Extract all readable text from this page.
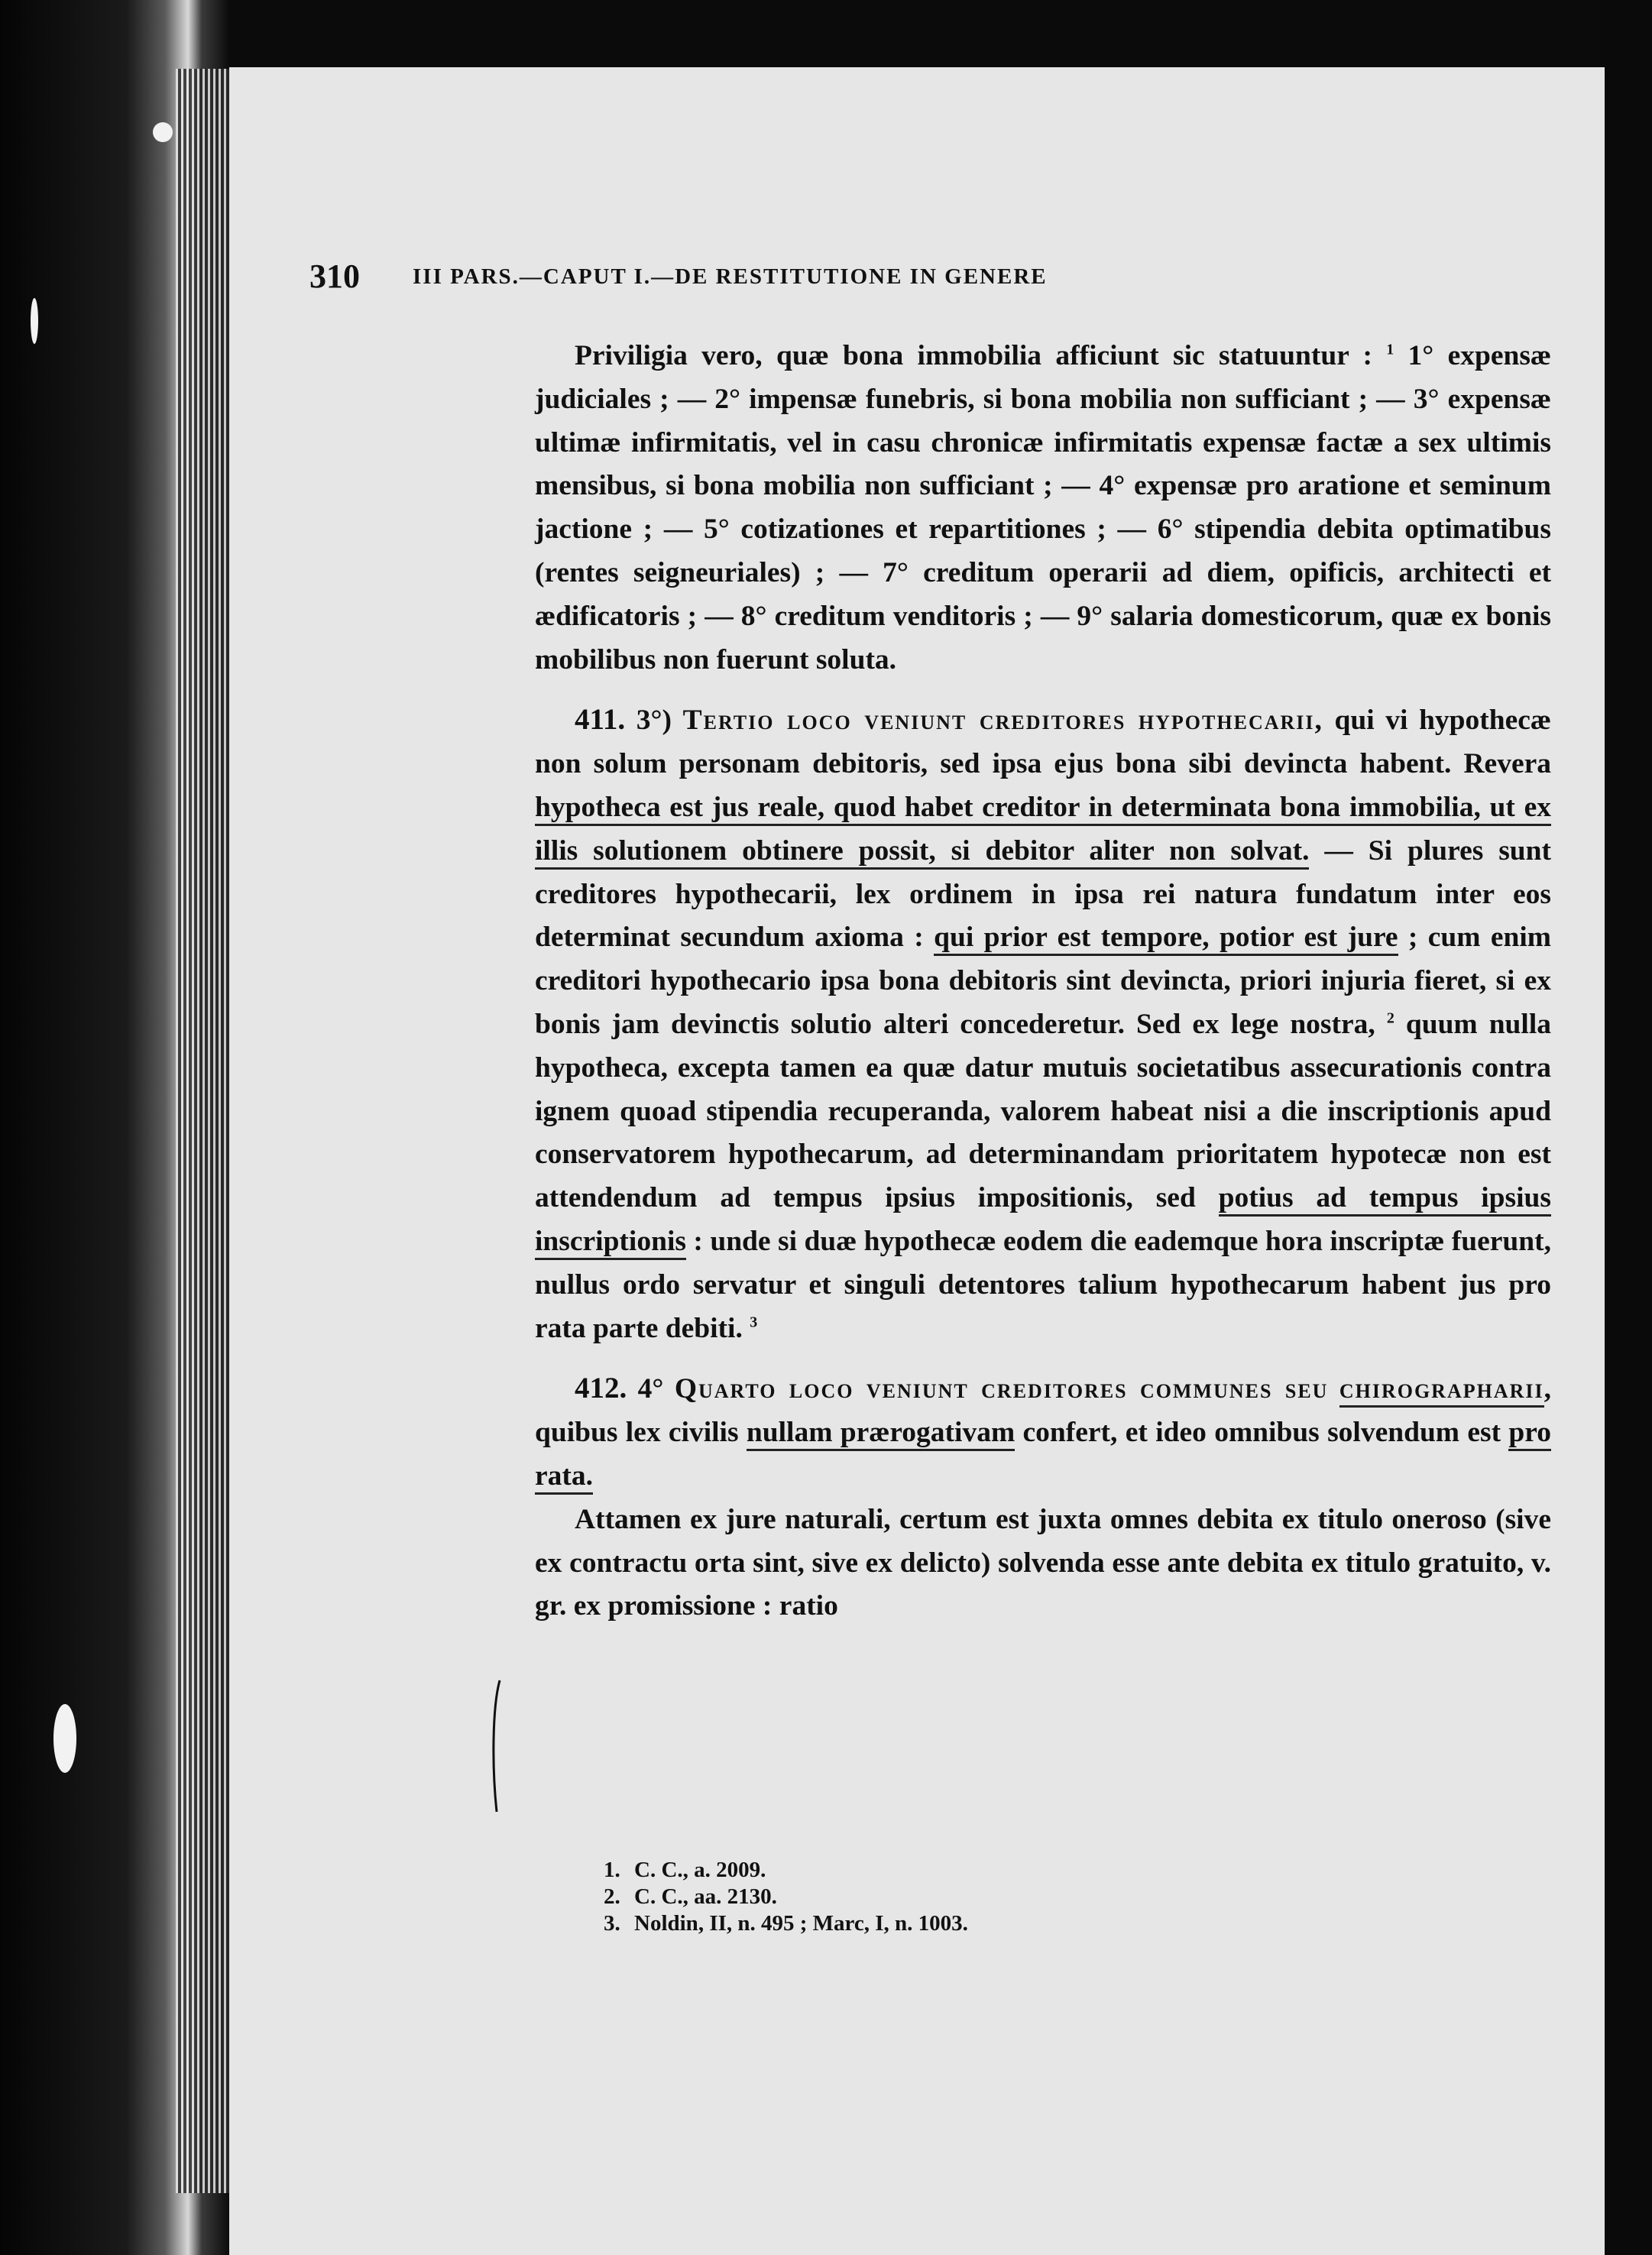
310 III PARS.—CAPUT I.—DE RESTITUTIONE IN GENERE

Priviligia vero, quæ bona immobilia afficiunt sic statuuntur : $^1$ 1° expensæ judiciales ; — 2° impensæ funebris, si bona mobilia non sufficiant ; — 3° expensæ ultimæ infirmitatis, vel in casu chronicæ infirmitatis expensæ factæ a sex ultimis mensibus, si bona mobilia non sufficiant ; — 4° expensæ pro aratione et seminum jactione ; — 5° cotizationes et repartitiones ; — 6° stipendia debita optimatibus (rentes seigneuriales) ; — 7° creditum operarii ad diem, opificis, architecti et ædificatoris ; — 8° creditum venditoris ; — 9° salaria domesticorum, quæ ex bonis mobilibus non fuerunt soluta.

411. 3°) Tertio loco veniunt creditores hypothecarii, qui vi hypothecæ non solum personam debitoris, sed ipsa ejus bona sibi devincta habent. Revera hypotheca est jus reale, quod habet creditor in determinata bona immobilia, ut ex illis solutionem obtinere possit, si debitor aliter non solvat. — Si plures sunt creditores hypothecarii, lex ordinem in ipsa rei natura fundatum inter eos determinat secundum axioma : qui prior est tempore, potior est jure ; cum enim creditori hypothecario ipsa bona debitoris sint devincta, priori injuria fieret, si ex bonis jam devinctis solutio alteri concederetur. Sed ex lege nostra, $^2$ quum nulla hypotheca, excepta tamen ea quæ datur mutuis societatibus assecurationis contra ignem quoad stipendia recuperanda, valorem habeat nisi a die inscriptionis apud conservatorem hypothecarum, ad determinandam prioritatem hypotecæ non est attendendum ad tempus ipsius impositionis, sed potius ad tempus ipsius inscriptionis : unde si duæ hypothecæ eodem die eademque hora inscriptæ fuerunt, nullus ordo servatur et singuli detentores talium hypothecarum habent jus pro rata parte debiti. $^3$

412. 4° Quarto loco veniunt creditores communes seu chirographarii, quibus lex civilis nullam prærogativam confert, et ideo omnibus solvendum est pro rata.

Attamen ex jure naturali, certum est juxta omnes debita ex titulo oneroso (sive ex contractu orta sint, sive ex delicto) solvenda esse ante debita ex titulo gratuito, v. gr. ex promissione : ratio

1. C. C., a. 2009.
2. C. C., aa. 2130.
3. Noldin, II, n. 495 ; Marc, I, n. 1003.
